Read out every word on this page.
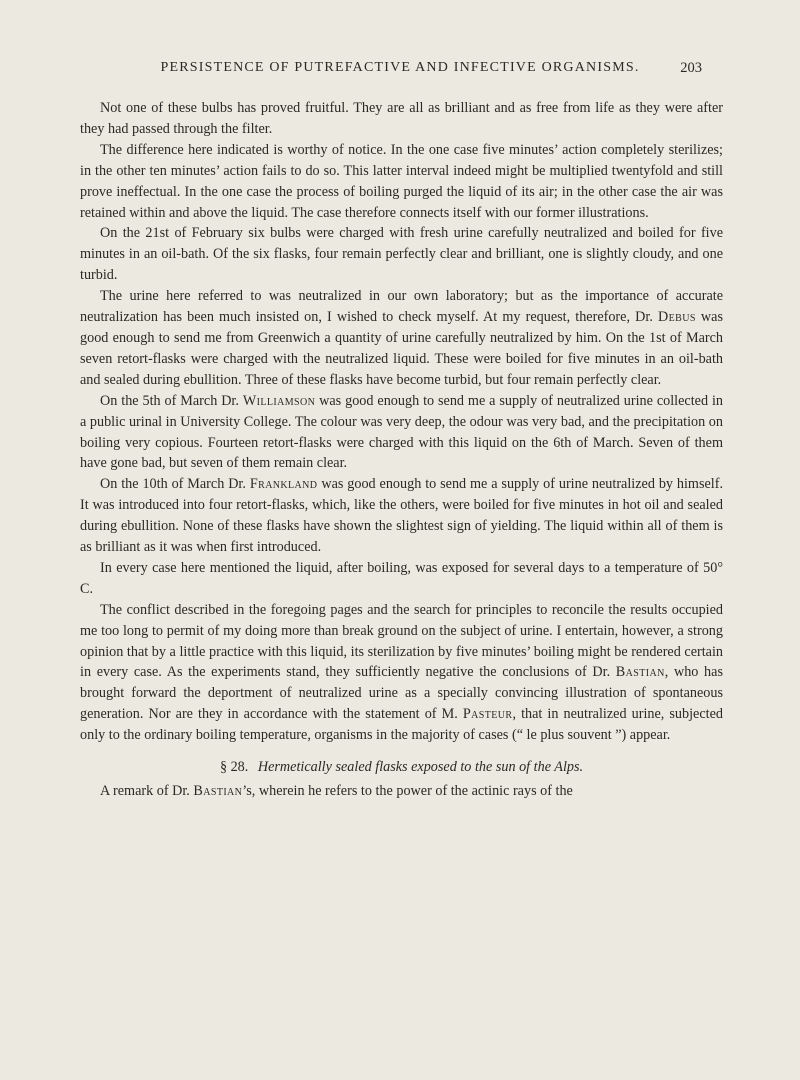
PERSISTENCE OF PUTREFACTIVE AND INFECTIVE ORGANISMS.	203

Not one of these bulbs has proved fruitful. They are all as brilliant and as free from life as they were after they had passed through the filter.

The difference here indicated is worthy of notice. In the one case five minutes’ action completely sterilizes; in the other ten minutes’ action fails to do so. This latter interval indeed might be multiplied twentyfold and still prove ineffectual. In the one case the process of boiling purged the liquid of its air; in the other case the air was retained within and above the liquid. The case therefore connects itself with our former illustrations.

On the 21st of February six bulbs were charged with fresh urine carefully neutralized and boiled for five minutes in an oil-bath. Of the six flasks, four remain perfectly clear and brilliant, one is slightly cloudy, and one turbid.

The urine here referred to was neutralized in our own laboratory; but as the importance of accurate neutralization has been much insisted on, I wished to check myself. At my request, therefore, Dr. Debus was good enough to send me from Greenwich a quantity of urine carefully neutralized by him. On the 1st of March seven retort-flasks were charged with the neutralized liquid. These were boiled for five minutes in an oil-bath and sealed during ebullition. Three of these flasks have become turbid, but four remain perfectly clear.

On the 5th of March Dr. Williamson was good enough to send me a supply of neutralized urine collected in a public urinal in University College. The colour was very deep, the odour was very bad, and the precipitation on boiling very copious. Fourteen retort-flasks were charged with this liquid on the 6th of March. Seven of them have gone bad, but seven of them remain clear.

On the 10th of March Dr. Frankland was good enough to send me a supply of urine neutralized by himself. It was introduced into four retort-flasks, which, like the others, were boiled for five minutes in hot oil and sealed during ebullition. None of these flasks have shown the slightest sign of yielding. The liquid within all of them is as brilliant as it was when first introduced.

In every case here mentioned the liquid, after boiling, was exposed for several days to a temperature of 50° C.

The conflict described in the foregoing pages and the search for principles to reconcile the results occupied me too long to permit of my doing more than break ground on the subject of urine. I entertain, however, a strong opinion that by a little practice with this liquid, its sterilization by five minutes’ boiling might be rendered certain in every case. As the experiments stand, they sufficiently negative the conclusions of Dr. Bastian, who has brought forward the deportment of neutralized urine as a specially convincing illustration of spontaneous generation. Nor are they in accordance with the statement of M. Pasteur, that in neutralized urine, subjected only to the ordinary boiling temperature, organisms in the majority of cases (“ le plus souvent ”) appear.

§ 28. Hermetically sealed flasks exposed to the sun of the Alps.

A remark of Dr. Bastian’s, wherein he refers to the power of the actinic rays of the
